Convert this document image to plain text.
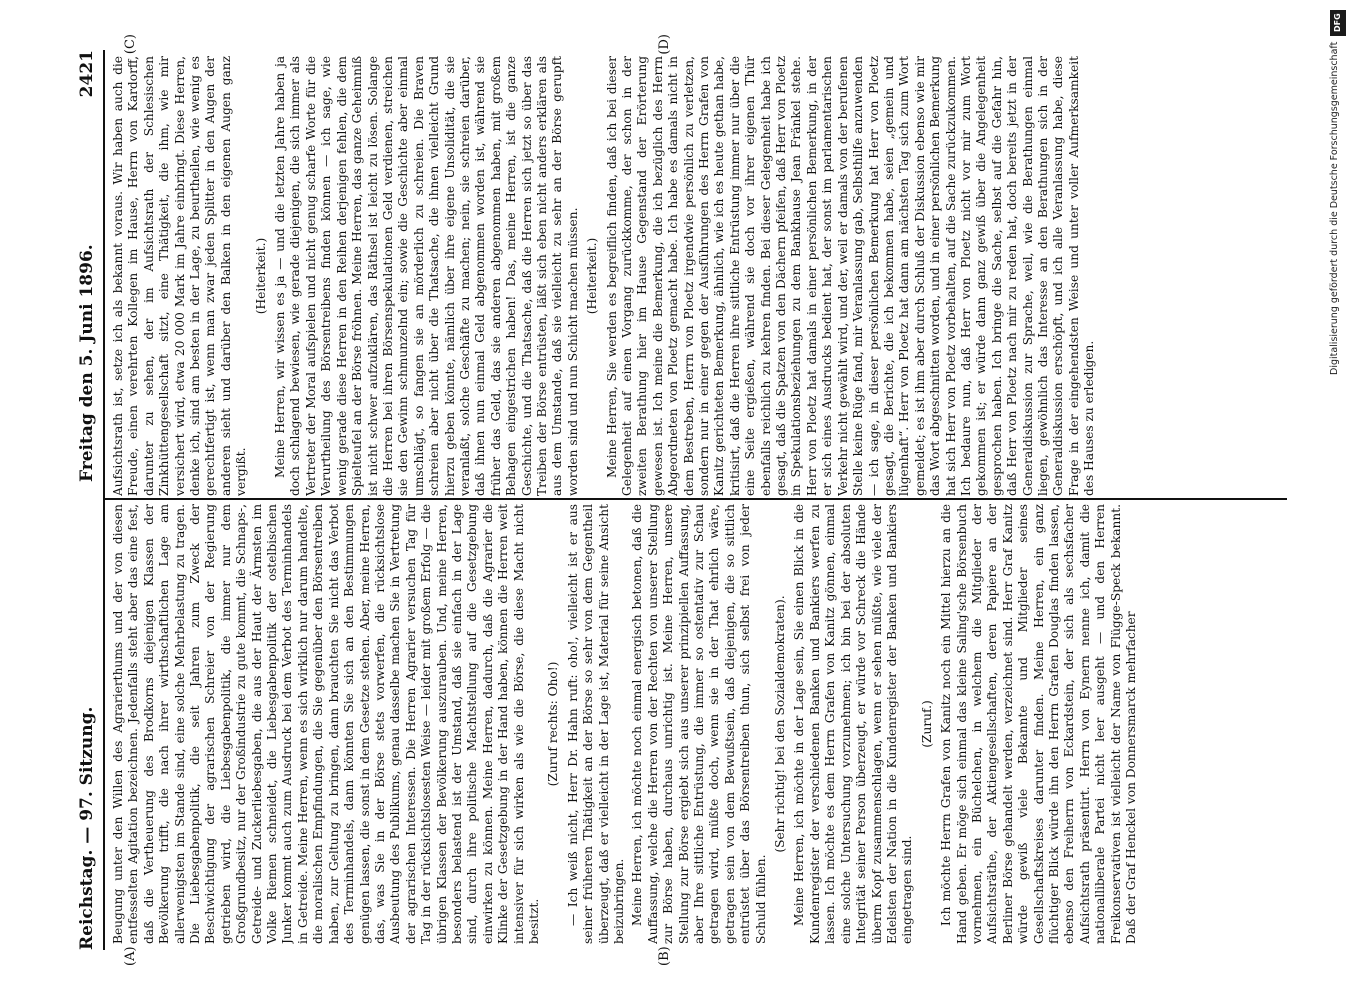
Reichstag. — 97. Sitzung.
Freitag den 5. Juni 1896.
2421
(A)	(B)
(C)	(D)

Beugung unter den Willen des Agrarierthums und der von diesen entfesselten Agitation bezeichnen. Jedenfalls steht aber das eine fest, daß die Vertheuerung des Brodkorns diejenigen Klassen der Bevölkerung trifft, die nach ihrer wirthschaftlichen Lage am allerwenigsten im Stande sind, eine solche Mehrbelastung zu tragen. Die Liebesgabenpolitik, die seit Jahren zum Zweck der Beschwichtigung der agrarischen Schreier von der Regierung getrieben wird, die Liebesgabenpolitik, die immer nur dem Großgrundbesitz, nur der Großindustrie zu gute kommt, die Schnaps-, Getreide- und Zuckerliebesgaben, die aus der Haut der Ärmsten im Volke Riemen schneidet, die Liebesgabenpolitik der ostelbischen Junker kommt auch zum Ausdruck bei dem Verbot des Terminhandels in Getreide. Meine Herren, wenn es sich wirklich nur darum handelte, die moralischen Empfindungen, die Sie gegenüber den Börsentreiben haben, zur Geltung zu bringen, dann brauchten Sie nicht das Verbot des Terminhandels, dann könnten Sie sich an den Bestimmungen genügen lassen, die sonst in dem Gesetze stehen. Aber, meine Herren, das, was Sie in der Börse stets vorwerfen, die rücksichtslose Ausbeutung des Publikums, genau dasselbe machen Sie in Vertretung der agrarischen Interessen. Die Herren Agrarier versuchen Tag für Tag in der rücksichtslosesten Weise — leider mit großem Erfolg — die übrigen Klassen der Bevölkerung auszurauben. Und, meine Herren, besonders belastend ist der Umstand, daß sie einfach in der Lage sind, durch ihre politische Machtstellung auf die Gesetzgebung einwirken zu können. Meine Herren, dadurch, daß die Agrarier die Klinke der Gesetzgebung in der Hand haben, können die Herren weit intensiver für sich wirken als wie die Börse, die diese Macht nicht besitzt.

(Zuruf rechts: Oho!) — Ich weiß nicht, Herr Dr. Hahn ruft: oho!, vielleicht ist er aus seiner früheren Thätigkeit an der Börse so sehr von dem Gegentheil überzeugt, daß er vielleicht in der Lage ist, Material für seine Ansicht beizubringen. Meine Herren, ich möchte noch einmal energisch betonen, daß die Auffassung, welche die Herren von der Rechten von unserer Stellung zur Börse haben, durchaus unrichtig ist. Meine Herren, unsere Stellung zur Börse ergiebt sich aus unserer prinzipiellen Auffassung, aber Ihre sittliche Entrüstung, die immer so ostentativ zur Schau getragen wird, müßte doch, wenn sie in der That ehrlich wäre, getragen sein von dem Bewußtsein, daß diejenigen, die so sittlich entrüstet über das Börsentreiben thun, sich selbst frei von jeder Schuld fühlen.

(Sehr richtig! bei den Sozialdemokraten). Meine Herren, ich möchte in der Lage sein, Sie einen Blick in die Kundenregister der verschiedenen Banken und Bankiers werfen zu lassen. Ich möchte es dem Herrn Grafen von Kanitz gönnen, einmal eine solche Untersuchung vorzunehmen; ich bin bei der absoluten Integrität seiner Person überzeugt, er würde vor Schreck die Hände überm Kopf zusammenschlagen, wenn er sehen müßte, wie viele der Edelsten der Nation in die Kundenregister der Banken und Bankiers eingetragen sind.

(Zuruf.) Ich möchte Herrn Grafen von Kanitz noch ein Mittel hierzu an die Hand geben. Er möge sich einmal das kleine Saling'sche Börsenbuch vornehmen, ein Büchelchen, in welchem die Mitglieder der Aufsichtsräthe, der Aktiengesellschaften, deren Papiere an der Berliner Börse gehandelt werden, verzeichnet sind. Herr Graf Kanitz würde gewiß viele Bekannte und Mitglieder seines Gesellschaftskreises darunter finden. Meine Herren, ein ganz flüchtiger Blick würde ihn den Herrn Grafen Douglas finden lassen, ebenso den Freiherrn von Eckardstein, der sich als sechsfacher Aufsichtsrath präsentirt. Herrn von Eynern nenne ich, damit die nationalliberale Partei nicht leer ausgeht — und den Herren Freikonservativen ist vielleicht der Name von Flügge-Speck bekannt. Daß der Graf Henckel von Donnersmarck mehrfacher

Aufsichtsrath ist, setze ich als bekannt voraus. Wir haben auch die Freude, einen verehrten Kollegen im Hause, Herrn von Kardorff, darunter zu sehen, der im Aufsichtsrath der Schlesischen Zinkhüttengesellschaft sitzt, eine Thätigkeit, die ihm, wie mir versichert wird, etwa 20 000 Mark im Jahre einbringt. Diese Herren, denke ich, sind am besten in der Lage, zu beurtheilen, wie wenig es gerechtfertigt ist, wenn man zwar jeden Splitter in den Augen der anderen sieht und darüber den Balken in den eigenen Augen ganz vergißt.

(Heiterkeit.) Meine Herren, wir wissen es ja — und die letzten Jahre haben ja doch schlagend bewiesen, wie gerade diejenigen, die sich immer als Vertreter der Moral aufspielen und nicht genug scharfe Worte für die Verurtheilung des Börsentreibens finden können — ich sage, wie wenig gerade diese Herren in den Reihen derjenigen fehlen, die dem Spielteufel an der Börse fröhnen. Meine Herren, das ganze Geheimniß ist nicht schwer aufzuklären, das Räthsel ist leicht zu lösen. Solange die Herren bei ihren Börsenspekulationen Geld verdienen, streichen sie den Gewinn schmunzelnd ein; sowie die Geschichte aber einmal umschlägt, so fangen sie an mörderlich zu schreien. Die Braven schreien aber nicht über die Thatsache, die ihnen vielleicht Grund hierzu geben könnte, nämlich über ihre eigene Unsolidität, die sie veranlaßt, solche Geschäfte zu machen; nein, sie schreien darüber, daß ihnen nun einmal Geld abgenommen worden ist, während sie früher das Geld, das sie anderen abgenommen haben, mit großem Behagen eingestrichen haben! Das, meine Herren, ist die ganze Geschichte, und die Thatsache, daß die Herren sich jetzt so über das Treiben der Börse entrüsten, läßt sich eben nicht anders erklären als aus dem Umstande, daß sie vielleicht zu sehr an der Börse gerupft worden sind und nun Schicht machen müssen. (Heiterkeit.) Meine Herren, Sie werden es begreiflich finden, daß ich bei dieser Gelegenheit auf einen Vorgang zurückkomme, der schon in der zweiten Berathung hier im Hause Gegenstand der Erörterung gewesen ist. Ich meine die Bemerkung, die ich bezüglich des Herrn Abgeordneten von Ploetz gemacht habe. Ich habe es damals nicht in dem Bestreben, Herrn von Ploetz irgendwie persönlich zu verletzen, sondern nur in einer gegen der Ausführungen des Herrn Grafen von Kanitz gerichteten Bemerkung, ähnlich, wie ich es heute gethan habe, kritisirt, daß die Herren ihre sittliche Entrüstung immer nur über die eine Seite ergießen, während sie doch vor ihrer eigenen Thür ebenfalls reichlich zu kehren finden. Bei dieser Gelegenheit habe ich gesagt, daß die Spatzen von den Dächern pfeifen, daß Herr von Ploetz in Spekulationsbeziehungen zu dem Bankhause Jean Fränkel stehe. Herr von Ploetz hat damals in einer persönlichen Bemerkung, in der er sich eines Ausdrucks bedient hat, der sonst im parlamentarischen Verkehr nicht gewählt wird, und der, weil er damals von der berufenen Stelle keine Rüge fand, mir Veranlassung gab, Selbsthilfe anzuwenden — ich sage, in dieser persönlichen Bemerkung hat Herr von Ploetz gesagt, die Berichte, die ich bekommen habe, seien „gemein und lügenhaft“. Herr von Ploetz hat dann am nächsten Tag sich zum Wort gemeldet; es ist ihm aber durch Schluß der Diskussion ebenso wie mir das Wort abgeschnitten worden, und in einer persönlichen Bemerkung hat sich Herr von Ploetz vorbehalten, auf die Sache zurückzukommen. Ich bedaure nun, daß Herr von Ploetz nicht vor mir zum Wort gekommen ist; er würde dann ganz gewiß über die Angelegenheit gesprochen haben. Ich bringe die Sache, selbst auf die Gefahr hin, daß Herr von Ploetz nach mir zu reden hat, doch bereits jetzt in der Generaldiskussion zur Sprache, weil, wie die Berathungen einmal liegen, gewöhnlich das Interesse an den Berathungen sich in der Generaldiskussion erschöpft, und ich alle Veranlassung habe, diese Frage in der eingehendsten Weise und unter voller Aufmerksamkeit des Hauses zu erledigen.

DFG
Digitalisierung gefördert durch die Deutsche Forschungsgemeinschaft
